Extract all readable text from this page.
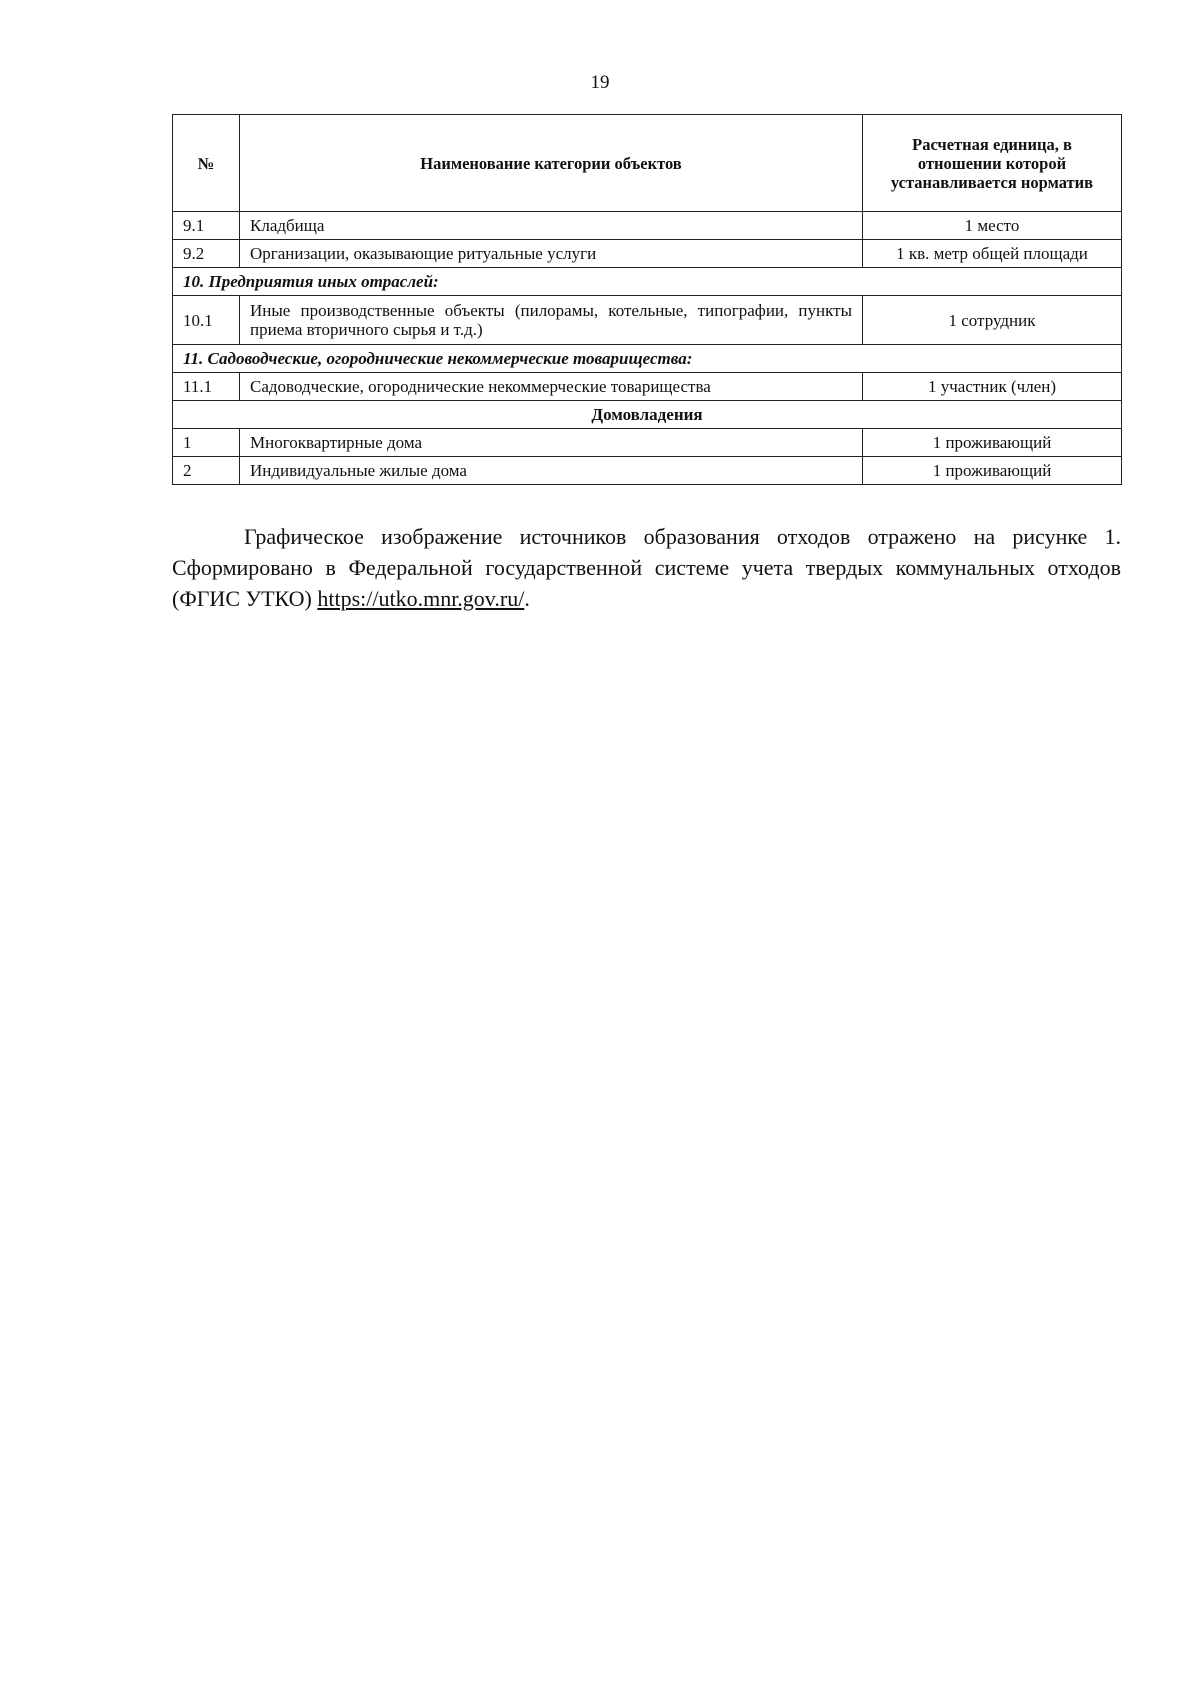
19
№	Наименование категории объектов	Расчетная единица, в отношении которой устанавливается норматив
9.1	Кладбища	1 место
9.2	Организации, оказывающие ритуальные услуги	1 кв. метр общей площади
10. Предприятия иных отраслей:		
10.1	Иные производственные объекты (пилорамы, котельные, типографии, пункты приема вторичного сырья и т.д.)	1 сотрудник
11. Садоводческие, огороднические некоммерческие товарищества:		
11.1	Садоводческие, огороднические некоммерческие товарищества	1 участник (член)
Домовладения		
1	Многоквартирные дома	1 проживающий
2	Индивидуальные жилые дома	1 проживающий

Графическое изображение источников образования отходов отражено на рисунке 1. Сформировано в Федеральной государственной системе учета твердых коммунальных отходов (ФГИС УТКО) https://utko.mnr.gov.ru/.
